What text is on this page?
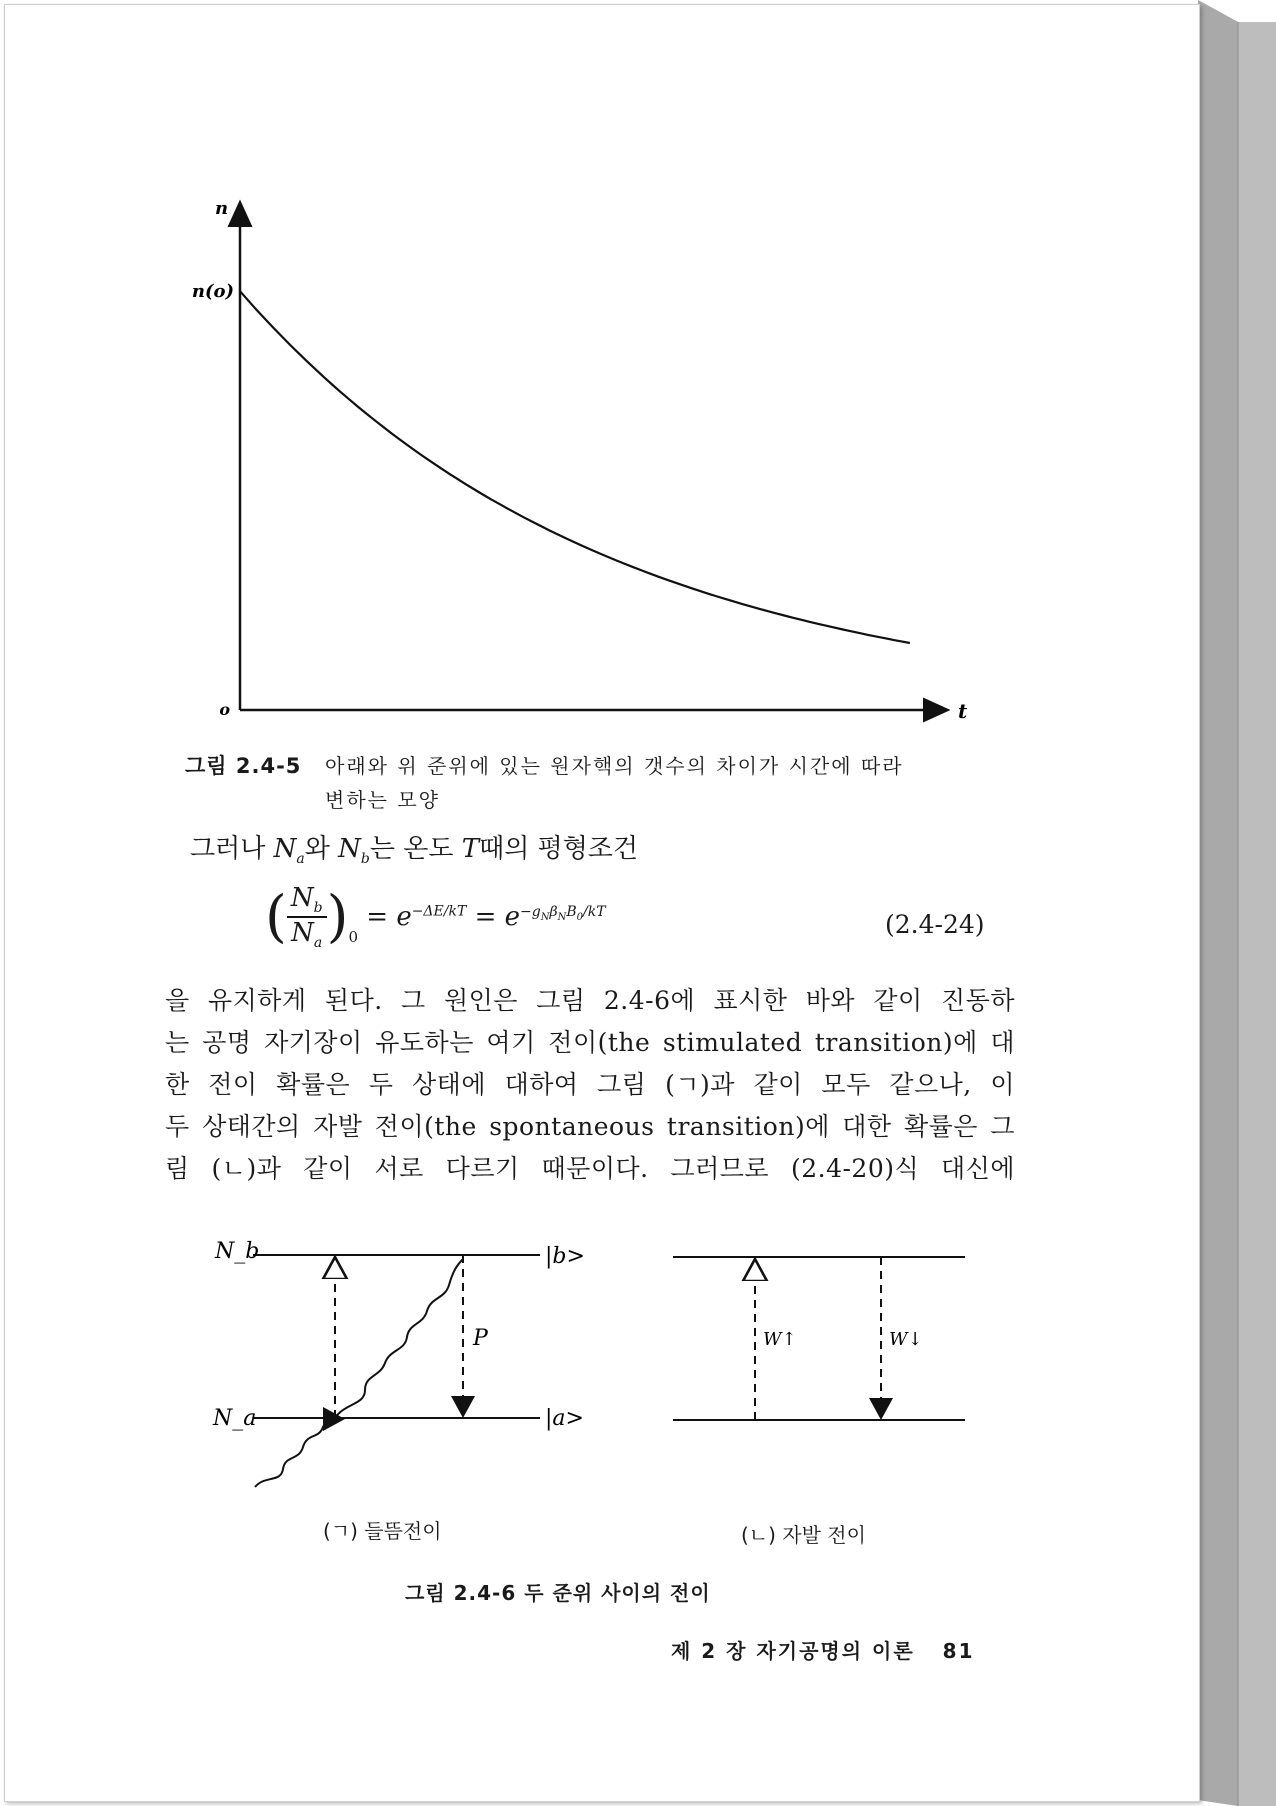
n
n(o)
o	t
그림 2.4-5 아래와 위 준위에 있는 원자핵의 갯수의 차이가 시간에 따라
변하는 모양
그러나 $N_a$와 $N_b$는 온도 T때의 평형조건
( $\frac{N_b}{N_a} )_0 = e^{-\Delta E/kT} = e^{-g_N\beta_NB_0/kT}$	(2.4-24)
을 유지하게 된다. 그 원인은 그림 2.4-6에 표시한 바와 같이 진동하
는 공명 자기장이 유도하는 여기 전이(the stimulated transition)에 대
한 전이 확률은 두 상태에 대하여 그림 (ㄱ)과 같이 모두 같으나, 이
두 상태간의 자발 전이(the spontaneous transition)에 대한 확률은 그
림 (ㄴ)과 같이 서로 다르기 때문이다. 그러므로 (2.4-20)식 대신에
N_b
N_a
|b>
|a>
P	W↑	W↓
(ㄱ) 들뜸전이	(ㄴ) 자발 전이
그림 2.4-6 두 준위 사이의 전이
제 2 장 자기공명의 이론 81
